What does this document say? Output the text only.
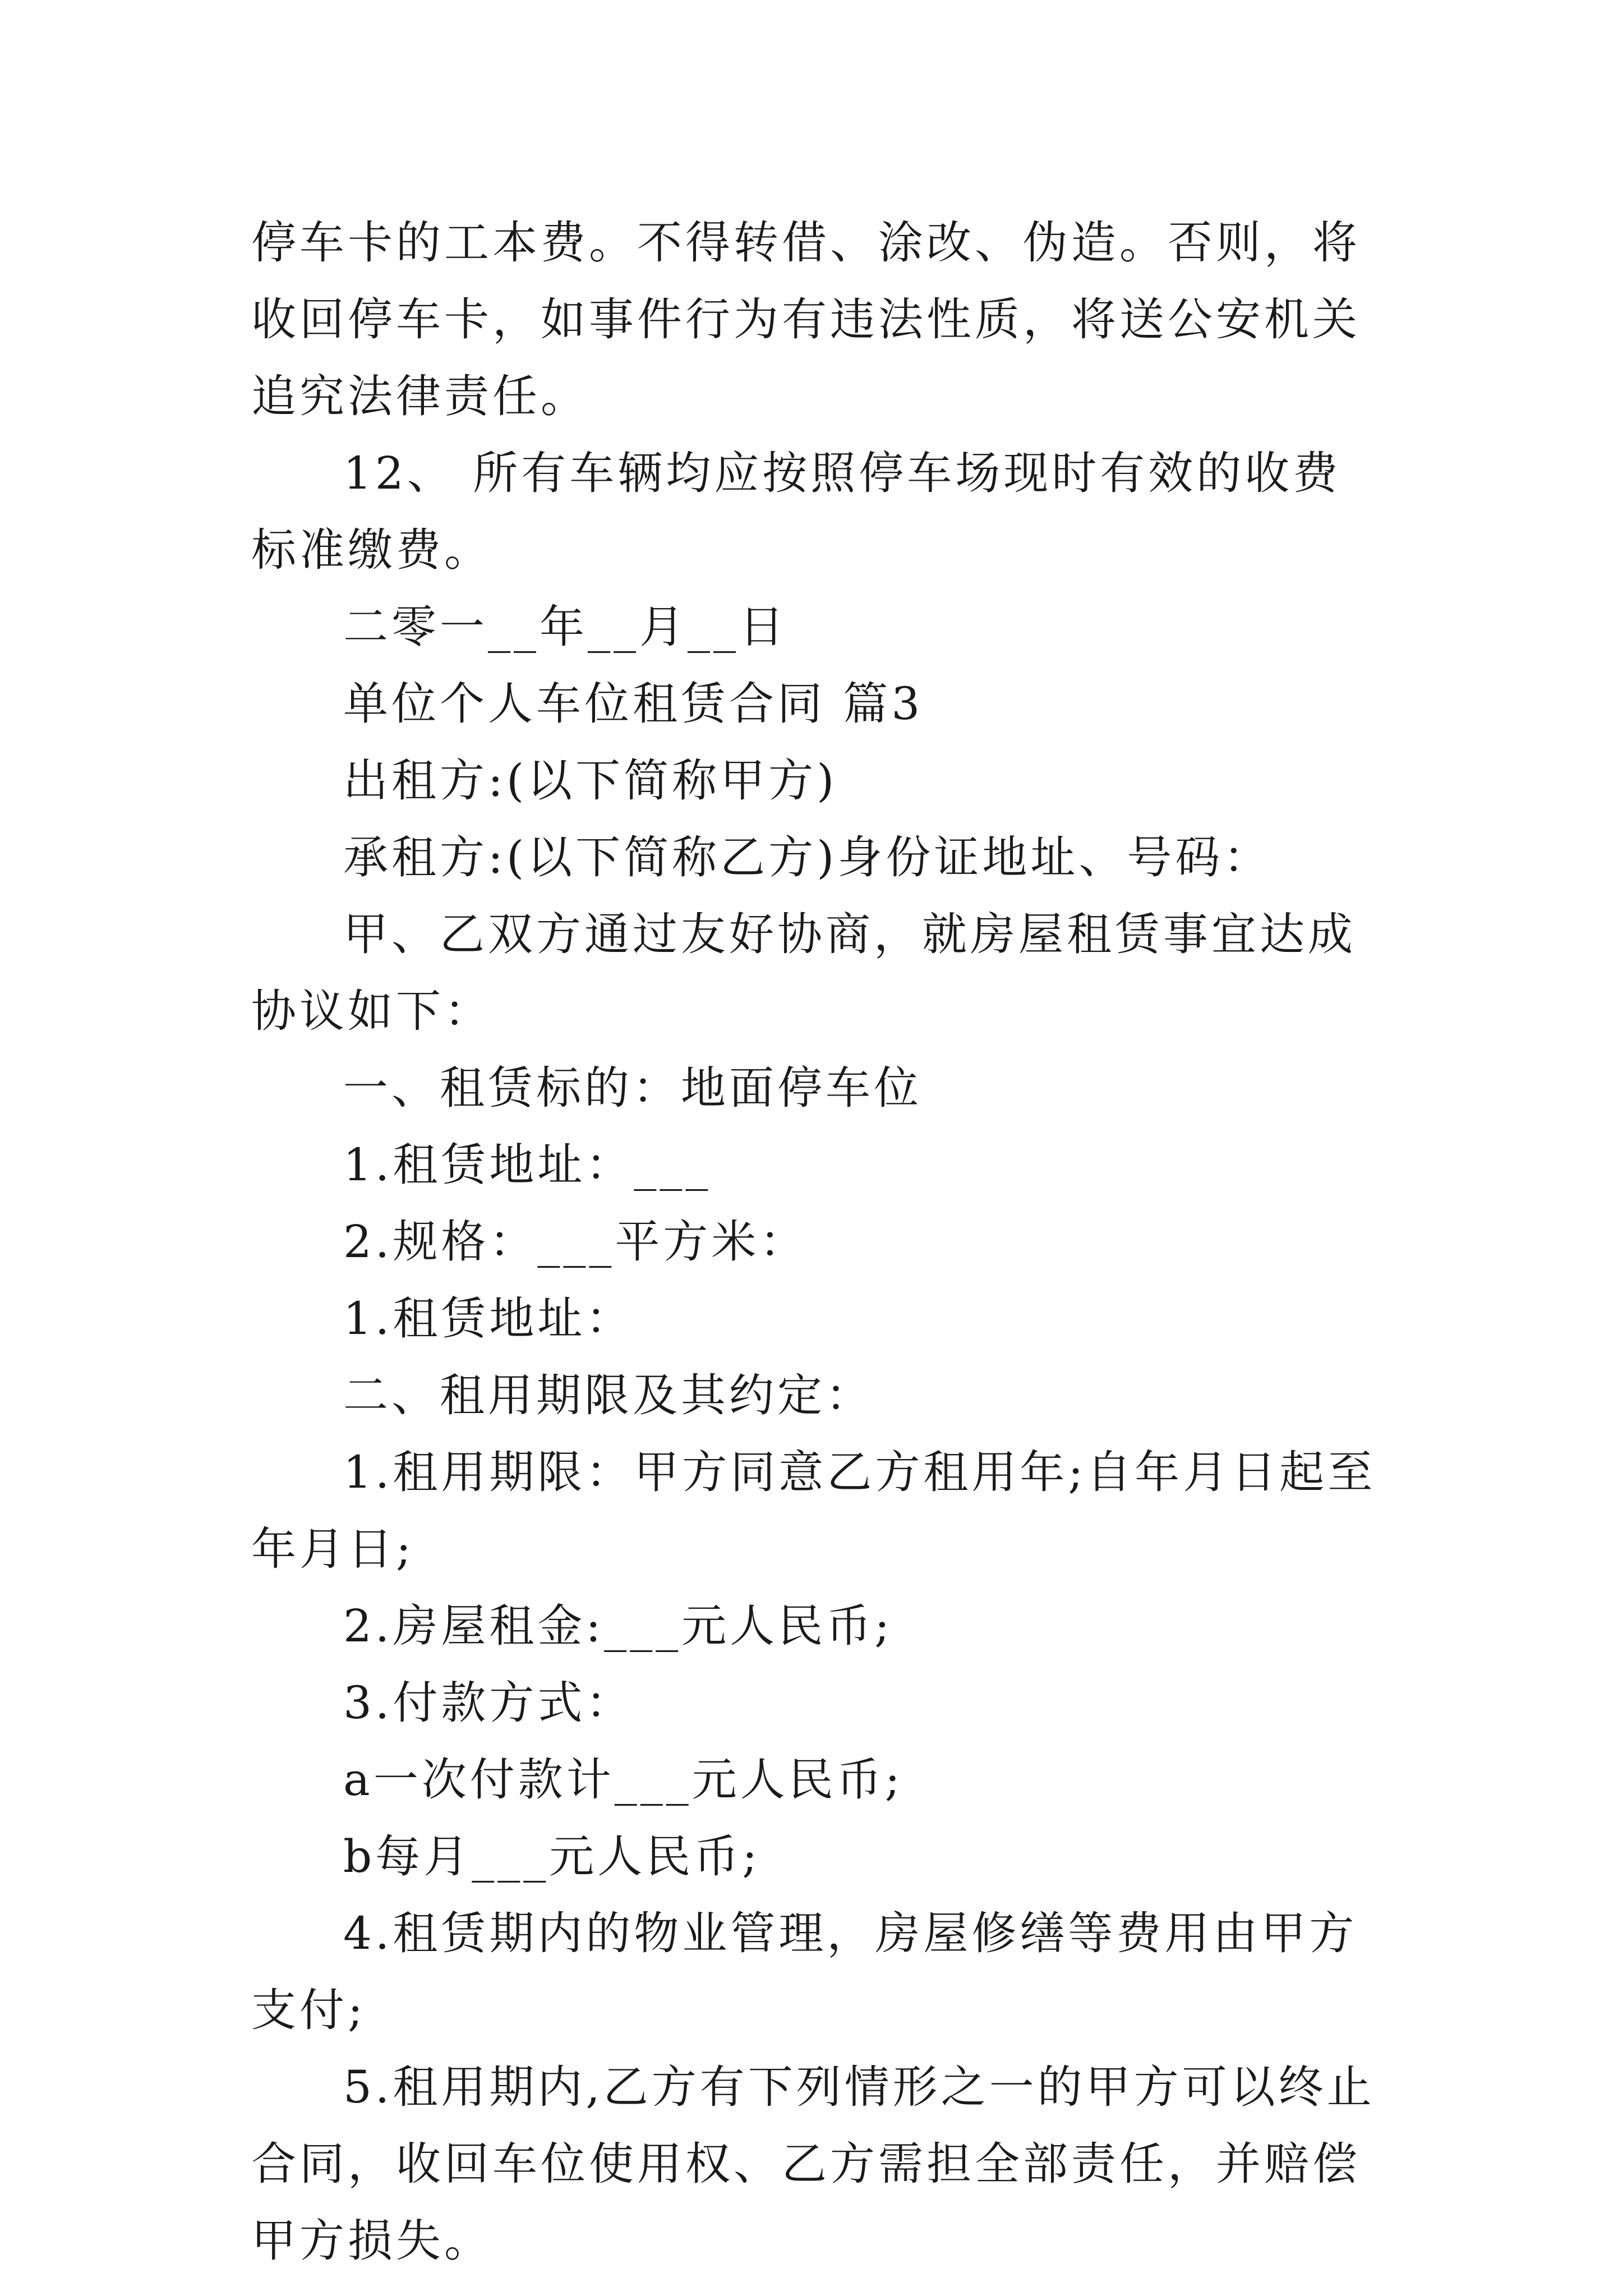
停车卡的工本费。不得转借、涂改、伪造。否则，将收回停车卡，如事件行为有违法性质，将送公安机关追究法律责任。

12、 所有车辆均应按照停车场现时有效的收费标准缴费。

二零一__年__月__日

单位个人车位租赁合同 篇3

出租方:(以下简称甲方)

承租方:(以下简称乙方)身份证地址、号码：

甲、乙双方通过友好协商，就房屋租赁事宜达成协议如下：

一、租赁标的：地面停车位

1.租赁地址：___

2.规格：___平方米：

1.租赁地址：

二、租用期限及其约定：

1.租用期限：甲方同意乙方租用年;自年月日起至年月日;

2.房屋租金:___元人民币;

3.付款方式：

a一次付款计___元人民币;

b每月___元人民币;

4.租赁期内的物业管理，房屋修缮等费用由甲方支付;

5.租用期内,乙方有下列情形之一的甲方可以终止合同，收回车位使用权、乙方需担全部责任，并赔偿甲方损失。
